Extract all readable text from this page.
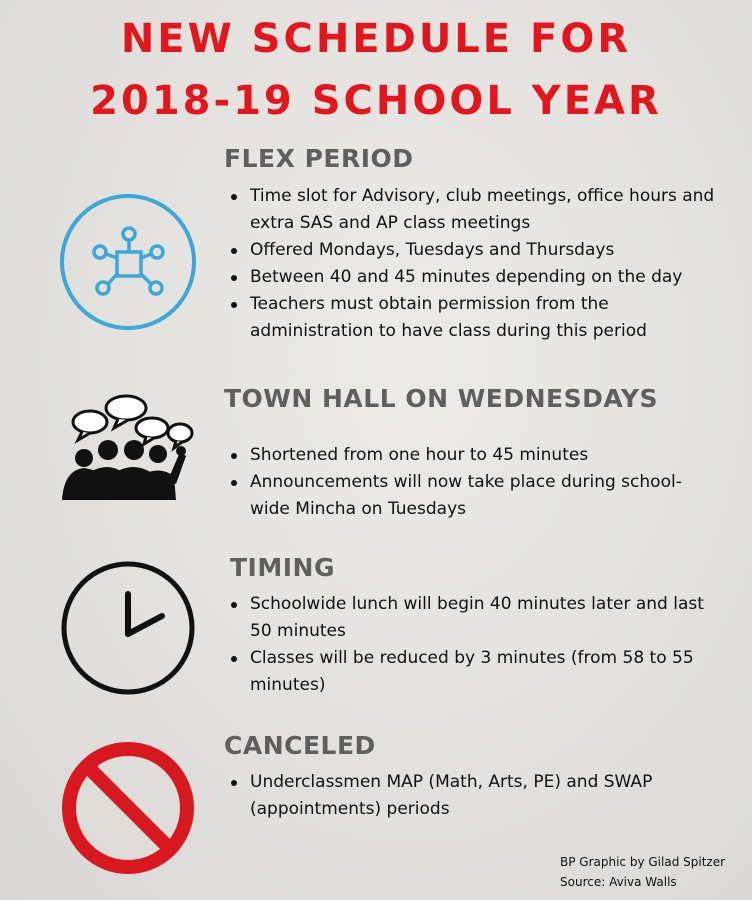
NEW SCHEDULE FOR
2018-19 SCHOOL YEAR
FLEX PERIOD
Time slot for Advisory, club meetings, office hours and extra SAS and AP class meetings
Offered Mondays, Tuesdays and Thursdays
Between 40 and 45 minutes depending on the day
Teachers must obtain permission from the administration to have class during this period
TOWN HALL ON WEDNESDAYS
Shortened from one hour to 45 minutes
Announcements will now take place during school-wide Mincha on Tuesdays
TIMING
Schoolwide lunch will begin 40 minutes later and last 50 minutes
Classes will be reduced by 3 minutes (from 58 to 55 minutes)
CANCELED
Underclassmen MAP (Math, Arts, PE) and SWAP (appointments) periods
BP Graphic by Gilad Spitzer
Source: Aviva Walls
